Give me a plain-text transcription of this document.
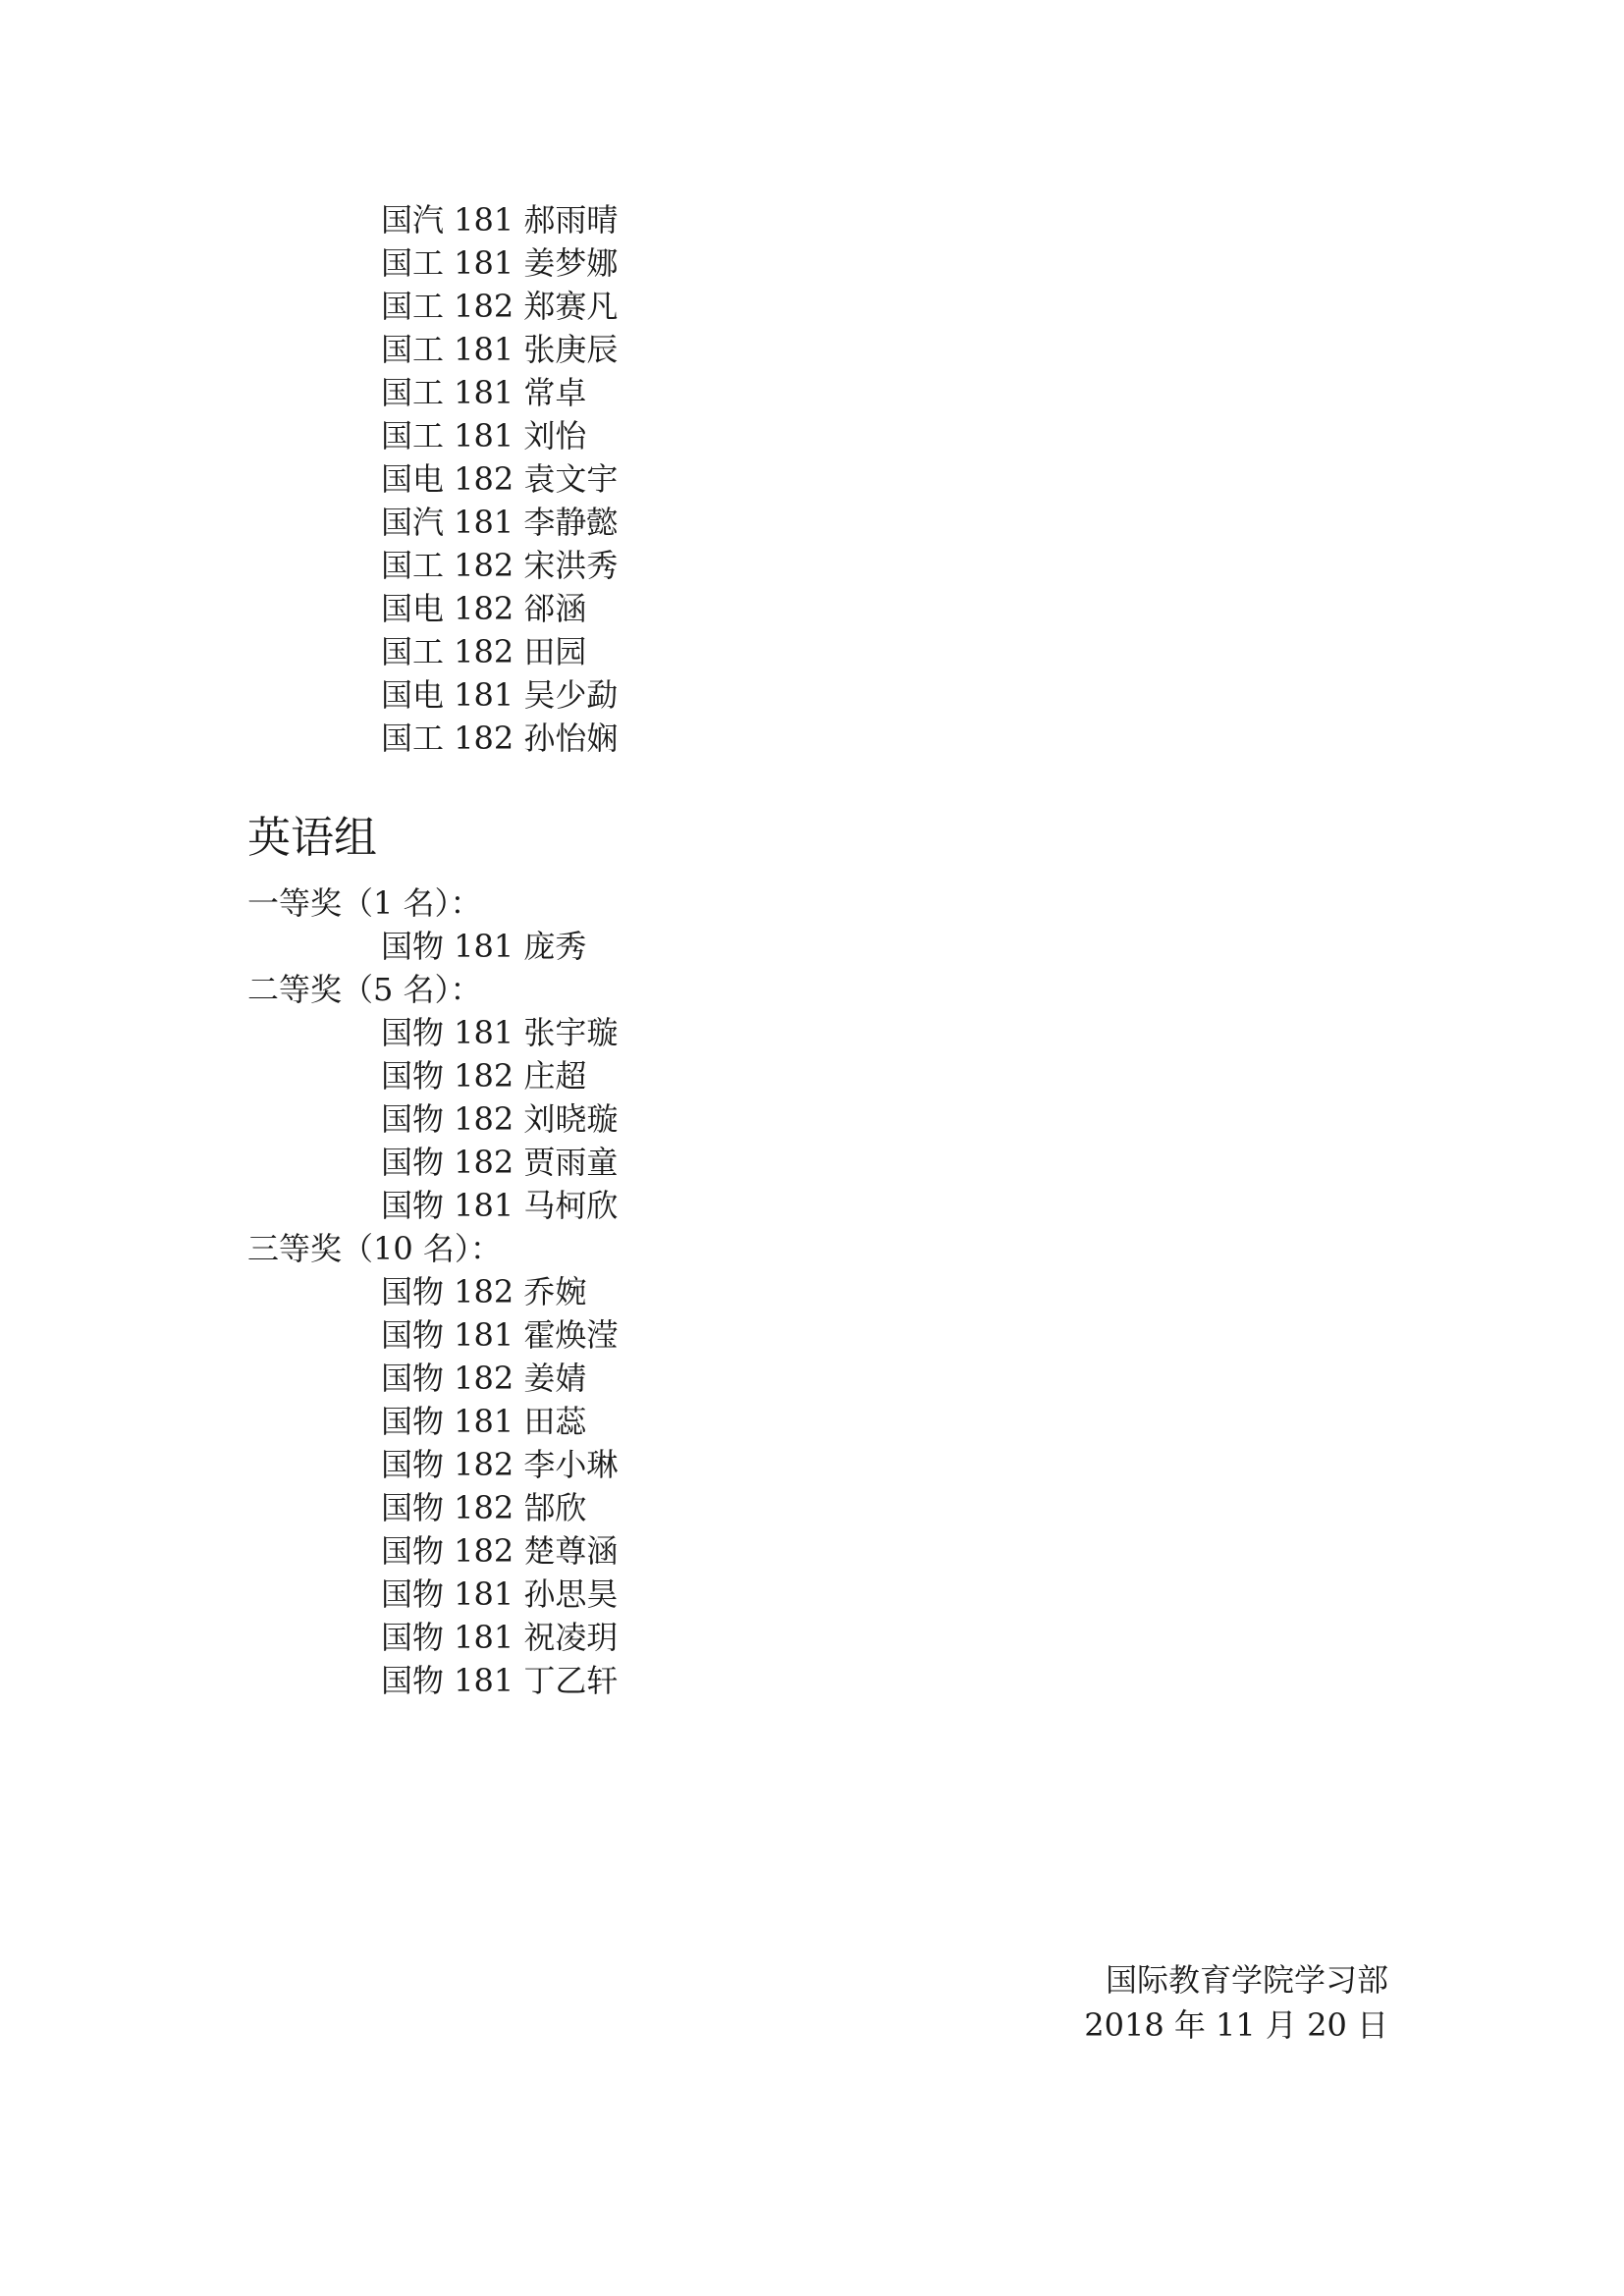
国汽 181 郝雨晴
国工 181 姜梦娜
国工 182 郑赛凡
国工 181 张庚辰
国工 181 常卓
国工 181 刘怡
国电 182 袁文宇
国汽 181 李静懿
国工 182 宋洪秀
国电 182 郤涵
国工 182 田园
国电 181 吴少勐
国工 182 孙怡娴
英语组
一等奖（1 名）：
国物 181 庞秀
二等奖（5 名）：
国物 181 张宇璇
国物 182 庄超
国物 182 刘晓璇
国物 182 贾雨童
国物 181 马柯欣
三等奖（10 名）：
国物 182 乔婉
国物 181 霍焕滢
国物 182 姜婧
国物 181 田蕊
国物 182 李小琳
国物 182 郜欣
国物 182 楚尊涵
国物 181 孙思昊
国物 181 祝凌玥
国物 181 丁乙轩
国际教育学院学习部
2018 年 11 月 20 日
